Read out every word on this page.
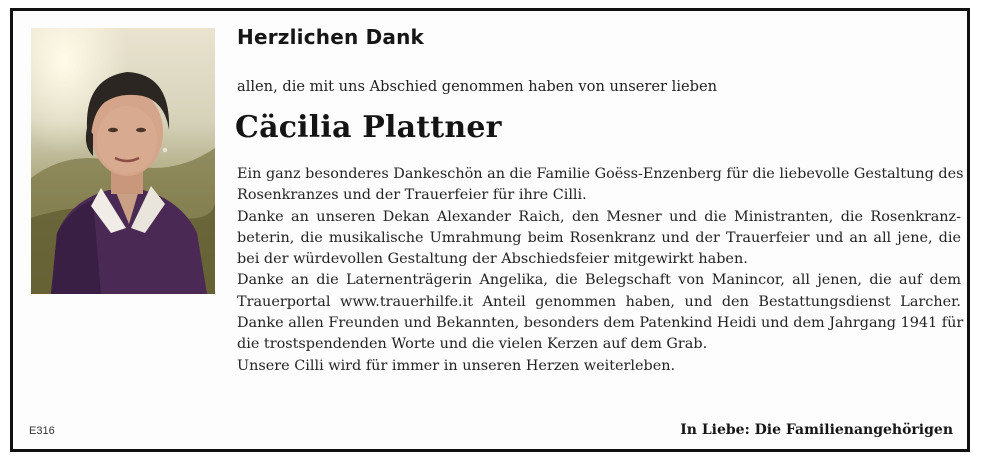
Herzlichen Dank
allen, die mit uns Abschied genommen haben von unserer lieben
Cäcilia Plattner
Ein ganz besonderes Dankeschön an die Familie Goëss-Enzenberg für die liebevolle Gestaltung des
Rosenkranzes und der Trauerfeier für ihre Cilli.
Danke an unseren Dekan Alexander Raich, den Mesner und die Ministranten, die Rosenkranz-
beterin, die musikalische Umrahmung beim Rosenkranz und der Trauerfeier und an all jene, die
bei der würdevollen Gestaltung der Abschiedsfeier mitgewirkt haben.
Danke an die Laternenträgerin Angelika, die Belegschaft von Manincor, all jenen, die auf dem
Trauerportal www.trauerhilfe.it Anteil genommen haben, und den Bestattungsdienst Larcher.
Danke allen Freunden und Bekannten, besonders dem Patenkind Heidi und dem Jahrgang 1941 für
die trostspendenden Worte und die vielen Kerzen auf dem Grab.
Unsere Cilli wird für immer in unseren Herzen weiterleben.
E316	In Liebe: Die Familienangehörigen
